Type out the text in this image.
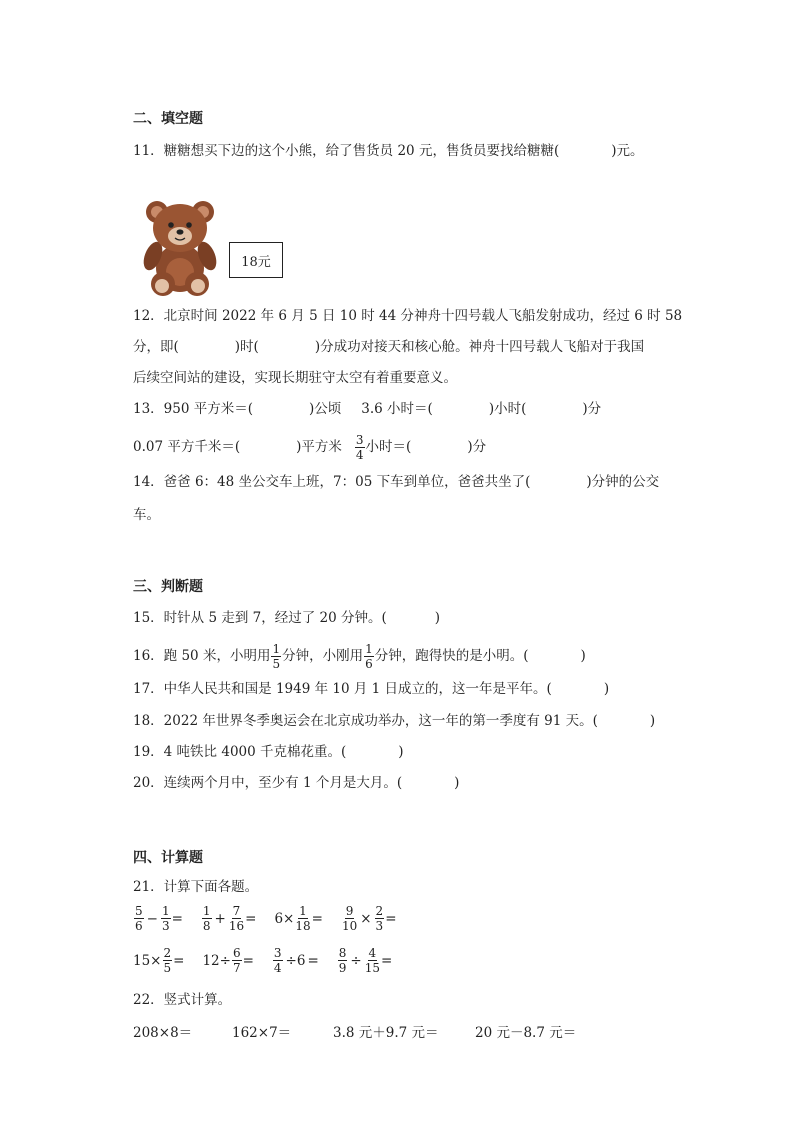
二、填空题
11．糖糖想买下边的这个小熊，给了售货员 20 元，售货员要找给糖糖(	)元。
18元
12．北京时间 2022 年 6 月 5 日 10 时 44 分神舟十四号载人飞船发射成功，经过 6 时 58
分，即(	)时(	)分成功对接天和核心舱。神舟十四号载人飞船对于我国
后续空间站的建设，实现长期驻守太空有着重要意义。
13．950 平方米＝(	)公顷 3.6 小时＝(	)小时(	)分
0.07 平方千米＝(	)平方米 $\frac{3}{4}$ 小时＝(	)分
14．爸爸 6：48 坐公交车上班，7：05 下车到单位，爸爸共坐了(	)分钟的公交
车。
三、判断题
15．时针从 5 走到 7，经过了 20 分钟。(	)
16．跑 50 米，小明用 $\frac{1}{5}$ 分钟，小刚用 $\frac{1}{6}$ 分钟，跑得快的是小明。(	)
17．中华人民共和国是 1949 年 10 月 1 日成立的，这一年是平年。(	)
18．2022 年世界冬季奥运会在北京成功举办，这一年的第一季度有 91 天。(	)
19．4 吨铁比 4000 千克棉花重。(	)
20．连续两个月中，至少有 1 个月是大月。(	)
四、计算题
21．计算下面各题。
$\frac{5}{6} - \frac{1}{3} = \frac{1}{8} + \frac{7}{16} = 6\times \frac{1}{18} = \frac{9}{10} \times \frac{2}{3}$ =
$15\times \frac{2}{5} = 12\div \frac{6}{7} = \frac{3}{4} \div 6 = \frac{8}{9} \div \frac{4}{15}$ =
22．竖式计算。
208×8＝	162×7＝	3.8 元＋9.7 元＝	20 元－8.7 元＝
